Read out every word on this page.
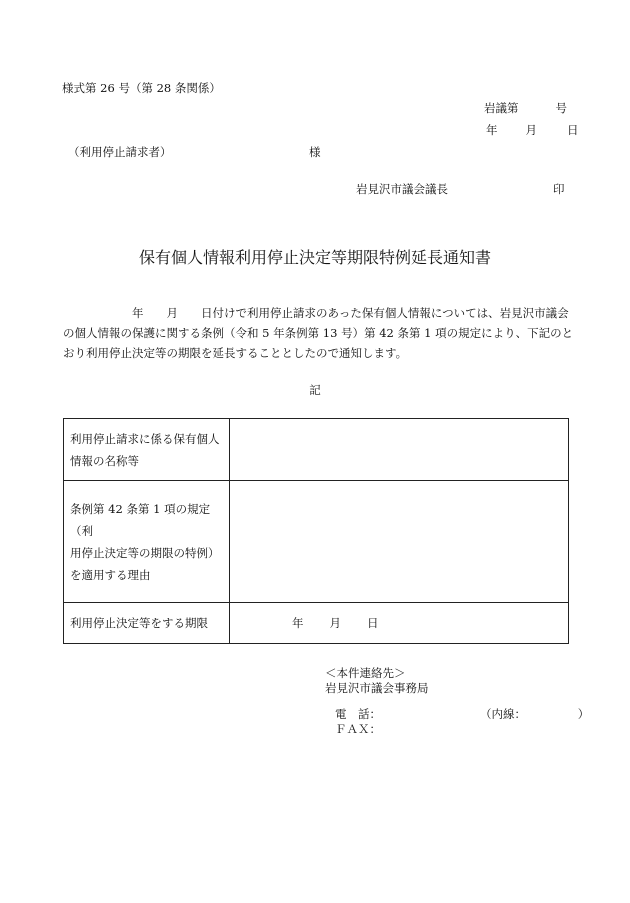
様式第 26 号（第 28 条関係）
岩議第	号
年 月	日
（利用停止請求者）	様
岩見沢市議会議長	印
保有個人情報利用停止決定等期限特例延長通知書
　　　　　　年　　月　　日付けで利用停止請求のあった保有個人情報については、岩見沢市議会
の個人情報の保護に関する条例（令和 5 年条例第 13 号）第 42 条第 1 項の規定により、下記のと
おり利用停止決定等の期限を延長することとしたので通知します。
記
利用停止請求に係る保有個人
情報の名称等	

条例第 42 条第 1 項の規定（利
用停止決定等の期限の特例）
を適用する理由	

利用停止決定等をする期限	年 月 日
＜本件連絡先＞
岩見沢市議会事務局
電　話：	（内線：　　　　　）
ＦＡＸ：
